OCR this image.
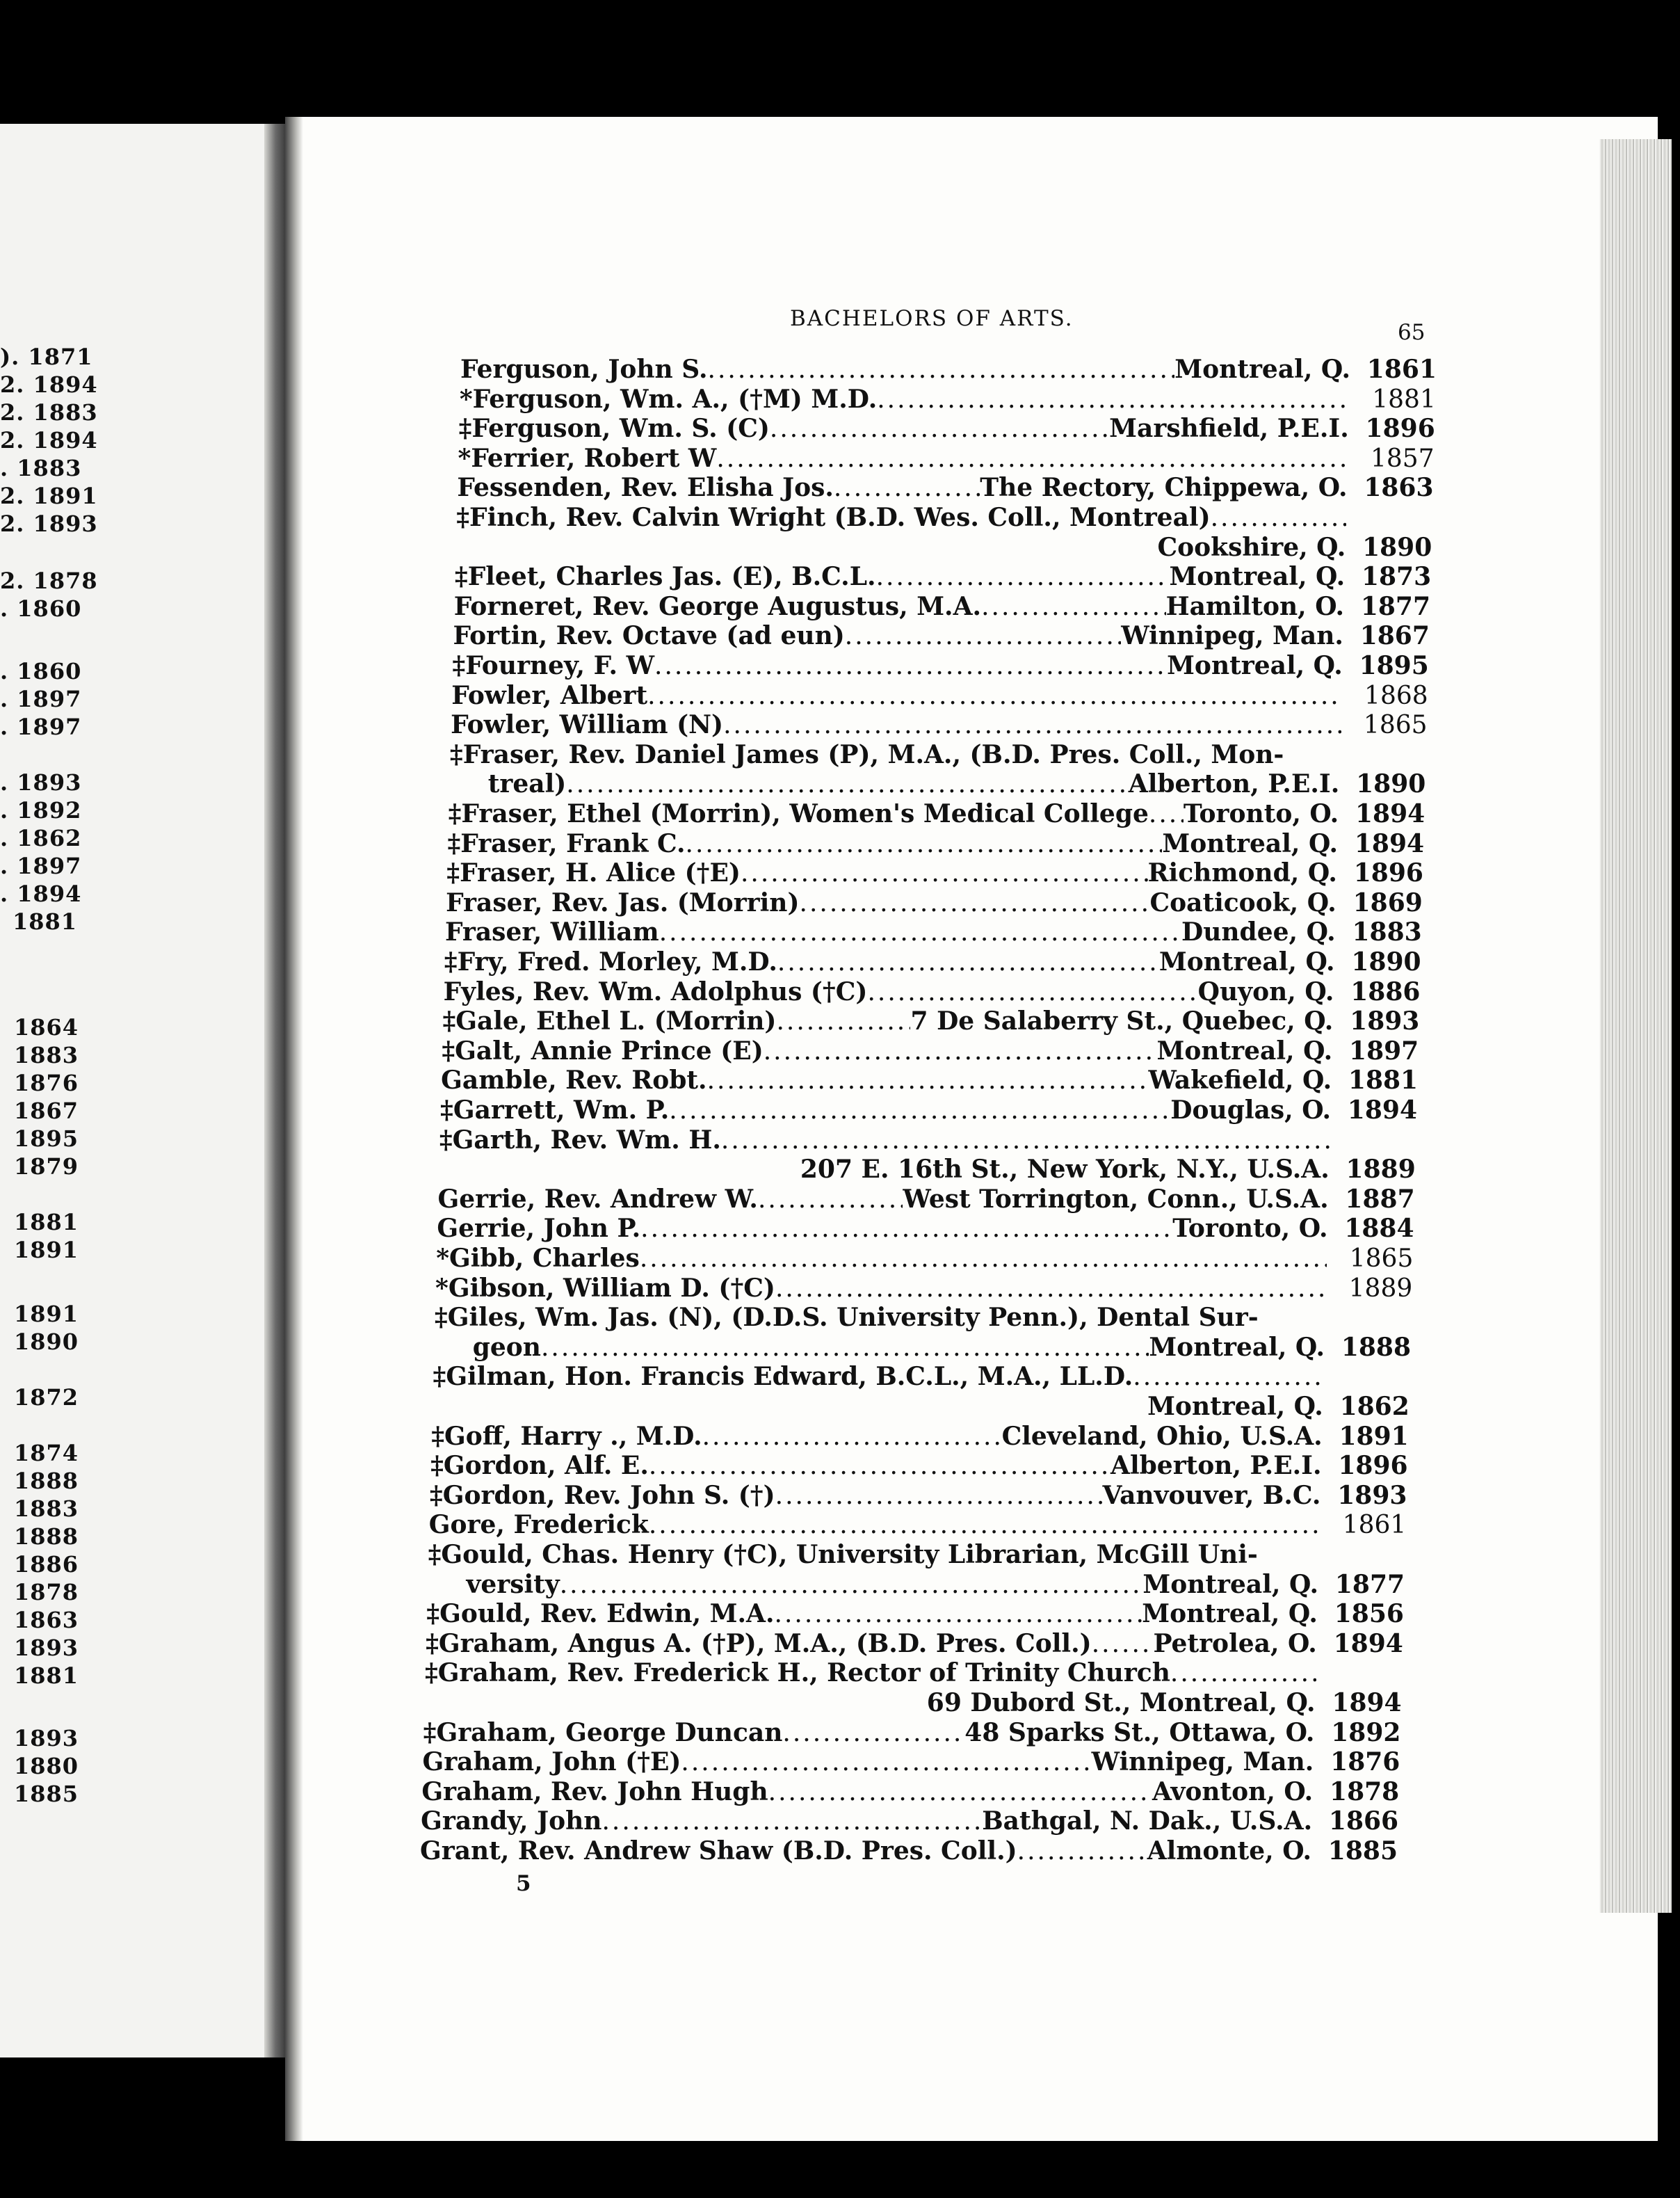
). 1871
2. 1894
2. 1883
2. 1894
. 1883
2. 1891
2. 1893
2. 1878
. 1860
. 1860
. 1897
. 1897
. 1893
. 1892
. 1862
. 1897
. 1894
1881
1864
1883
1876
1867
1895
1879
1881
1891
1891
1890
1872
1874
1888
1883
1888
1886
1878
1863
1893
1881
1893
1880
1885
BACHELORS OF ARTS.
65
Ferguson, John S. .....	Montreal, Q. 1861
*Ferguson, Wm. A., (†M) M.D. .....	1881
‡Ferguson, Wm. S. (C) .....	Marshfield, P.E.I. 1896
*Ferrier, Robert W .....	1857
Fessenden, Rev. Elisha Jos. .....	The Rectory, Chippewa, O. 1863
‡Finch, Rev. Calvin Wright (B.D. Wes. Coll., Montreal)
.....
Cookshire, Q. 1890
‡Fleet, Charles Jas. (E), B.C.L. .....	Montreal, Q. 1873
Forneret, Rev. George Augustus, M.A. .....	Hamilton, O. 1877
Fortin, Rev. Octave (ad eun) .....	Winnipeg, Man. 1867
‡Fourney, F. W .....	Montreal, Q. 1895
Fowler, Albert .....	1868
Fowler, William (N) .....	1865
‡Fraser, Rev. Daniel James (P), M.A., (B.D. Pres. Coll., Mon-
treal) .....	Alberton, P.E.I. 1890
‡Fraser, Ethel (Morrin), Women's Medical College ..... Toronto, O. 1894
‡Fraser, Frank C. .....	Montreal, Q. 1894
‡Fraser, H. Alice (†E) .....	Richmond, Q. 1896
Fraser, Rev. Jas. (Morrin) .....	Coaticook, Q. 1869
Fraser, William .....	Dundee, Q. 1883
‡Fry, Fred. Morley, M.D. .....	Montreal, Q. 1890
Fyles, Rev. Wm. Adolphus (†C) .....	Quyon, Q. 1886
‡Gale, Ethel L. (Morrin) .....	7 De Salaberry St., Quebec, Q. 1893
‡Galt, Annie Prince (E) .....	Montreal, Q. 1897
Gamble, Rev. Robt. .....	Wakefield, Q. 1881
‡Garrett, Wm. P. .....	Douglas, O. 1894
‡Garth, Rev. Wm. H.
.....
207 E. 16th St., New York, N.Y., U.S.A. 1889
Gerrie, Rev. Andrew W. .....	West Torrington, Conn., U.S.A. 1887
Gerrie, John P. .....	Toronto, O. 1884
*Gibb, Charles .....	1865
*Gibson, William D. (†C) .....	1889
‡Giles, Wm. Jas. (N), (D.D.S. University Penn.), Dental Sur-
geon .....	Montreal, Q. 1888
‡Gilman, Hon. Francis Edward, B.C.L., M.A., LL.D.
.....
Montreal, Q. 1862
‡Goff, Harry ., M.D. .....	Cleveland, Ohio, U.S.A. 1891
‡Gordon, Alf. E. .....	Alberton, P.E.I. 1896
‡Gordon, Rev. John S. (†) .....	Vanvouver, B.C. 1893
Gore, Frederick .....	1861
‡Gould, Chas. Henry (†C), University Librarian, McGill Uni-
versity .....	Montreal, Q. 1877
‡Gould, Rev. Edwin, M.A. .....	Montreal, Q. 1856
‡Graham, Angus A. (†P), M.A., (B.D. Pres. Coll.) ..... Petrolea, O. 1894
‡Graham, Rev. Frederick H., Rector of Trinity Church
.....
69 Dubord St., Montreal, Q. 1894
‡Graham, George Duncan .....	48 Sparks St., Ottawa, O. 1892
Graham, John (†E) .....	Winnipeg, Man. 1876
Graham, Rev. John Hugh .....	Avonton, O. 1878
Grandy, John .....	Bathgal, N. Dak., U.S.A. 1866
Grant, Rev. Andrew Shaw (B.D. Pres. Coll.) .....	Almonte, O. 1885
5
